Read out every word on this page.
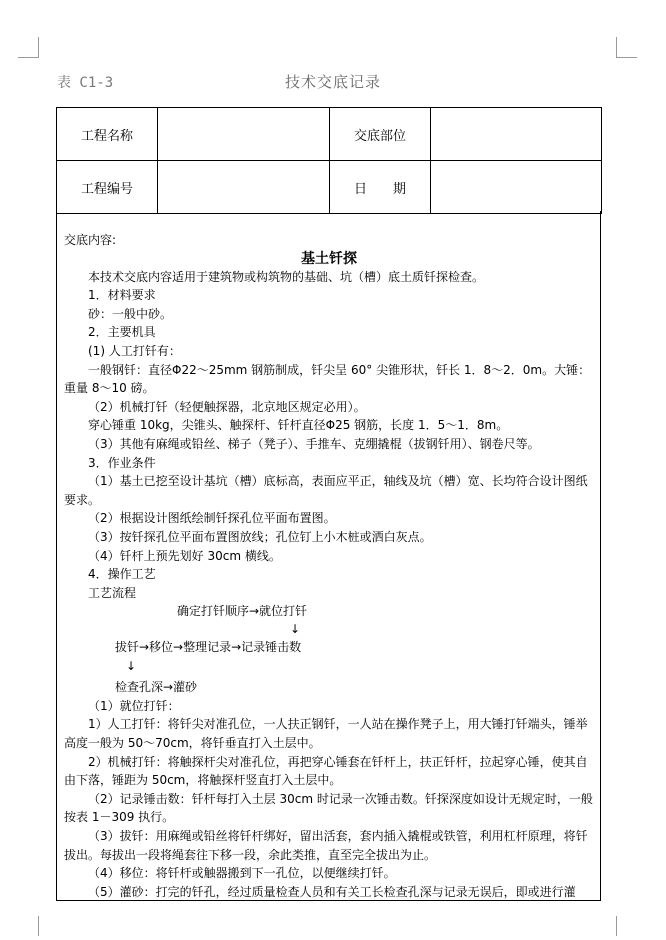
表 C1-3	技术交底记录
工程名称		交底部位	
工程编号		日　　期	

交底内容:

基土钎探

本技术交底内容适用于建筑物或构筑物的基础、坑（槽）底土质钎探检查。

1．材料要求

砂：一般中砂。

2．主要机具

(1) 人工打钎有：

一般钢钎：直径Φ22～25mm 钢筋制成，钎尖呈 60° 尖锥形状，钎长 1．8～2．0m。大锤：重量 8～10 磅。

（2）机械打钎（轻便触探器，北京地区规定必用）。

穿心锤重 10kg，尖锥头、触探杆、钎杆直径Φ25 钢筋，长度 1．5～1．8m。

（3）其他有麻绳或铅丝、梯子（凳子）、手推车、克绷撬棍（拔钢钎用）、钢卷尺等。

3．作业条件

（1）基土已挖至设计基坑（槽）底标高，表面应平正，轴线及坑（槽）宽、长均符合设计图纸要求。

（2）根据设计图纸绘制钎探孔位平面布置图。

（3）按钎探孔位平面布置图放线；孔位钉上小木桩或洒白灰点。

（4）钎杆上预先划好 30cm 横线。

4．操作工艺

工艺流程

确定打钎顺序→就位打钎
↓
拔钎→移位→整理记录→记录锤击数
↓

检查孔深→灌砂

（1）就位打钎：

1）人工打钎：将钎尖对准孔位，一人扶正钢钎，一人站在操作凳子上，用大锤打钎端头，锤举高度一般为 50～70cm，将钎垂直打入土层中。

2）机械打钎：将触探杆尖对准孔位，再把穿心锤套在钎杆上，扶正钎杆，拉起穿心锤，使其自由下落，锤距为 50cm，将触探杆竖直打入土层中。

（2）记录锤击数：钎杆每打入土层 30cm 时记录一次锤击数。钎探深度如设计无规定时，一般按表 1－309 执行。

（3）拔钎：用麻绳或铅丝将钎杆绑好，留出活套，套内插入撬棍或铁管，利用杠杆原理，将钎拔出。每拔出一段将绳套往下移一段，余此类推，直至完全拔出为止。

（4）移位：将钎杆或触器搬到下一孔位，以便继续打钎。

（5）灌砂：打完的钎孔，经过质量检查人员和有关工长检查孔深与记录无误后，即或进行灌
